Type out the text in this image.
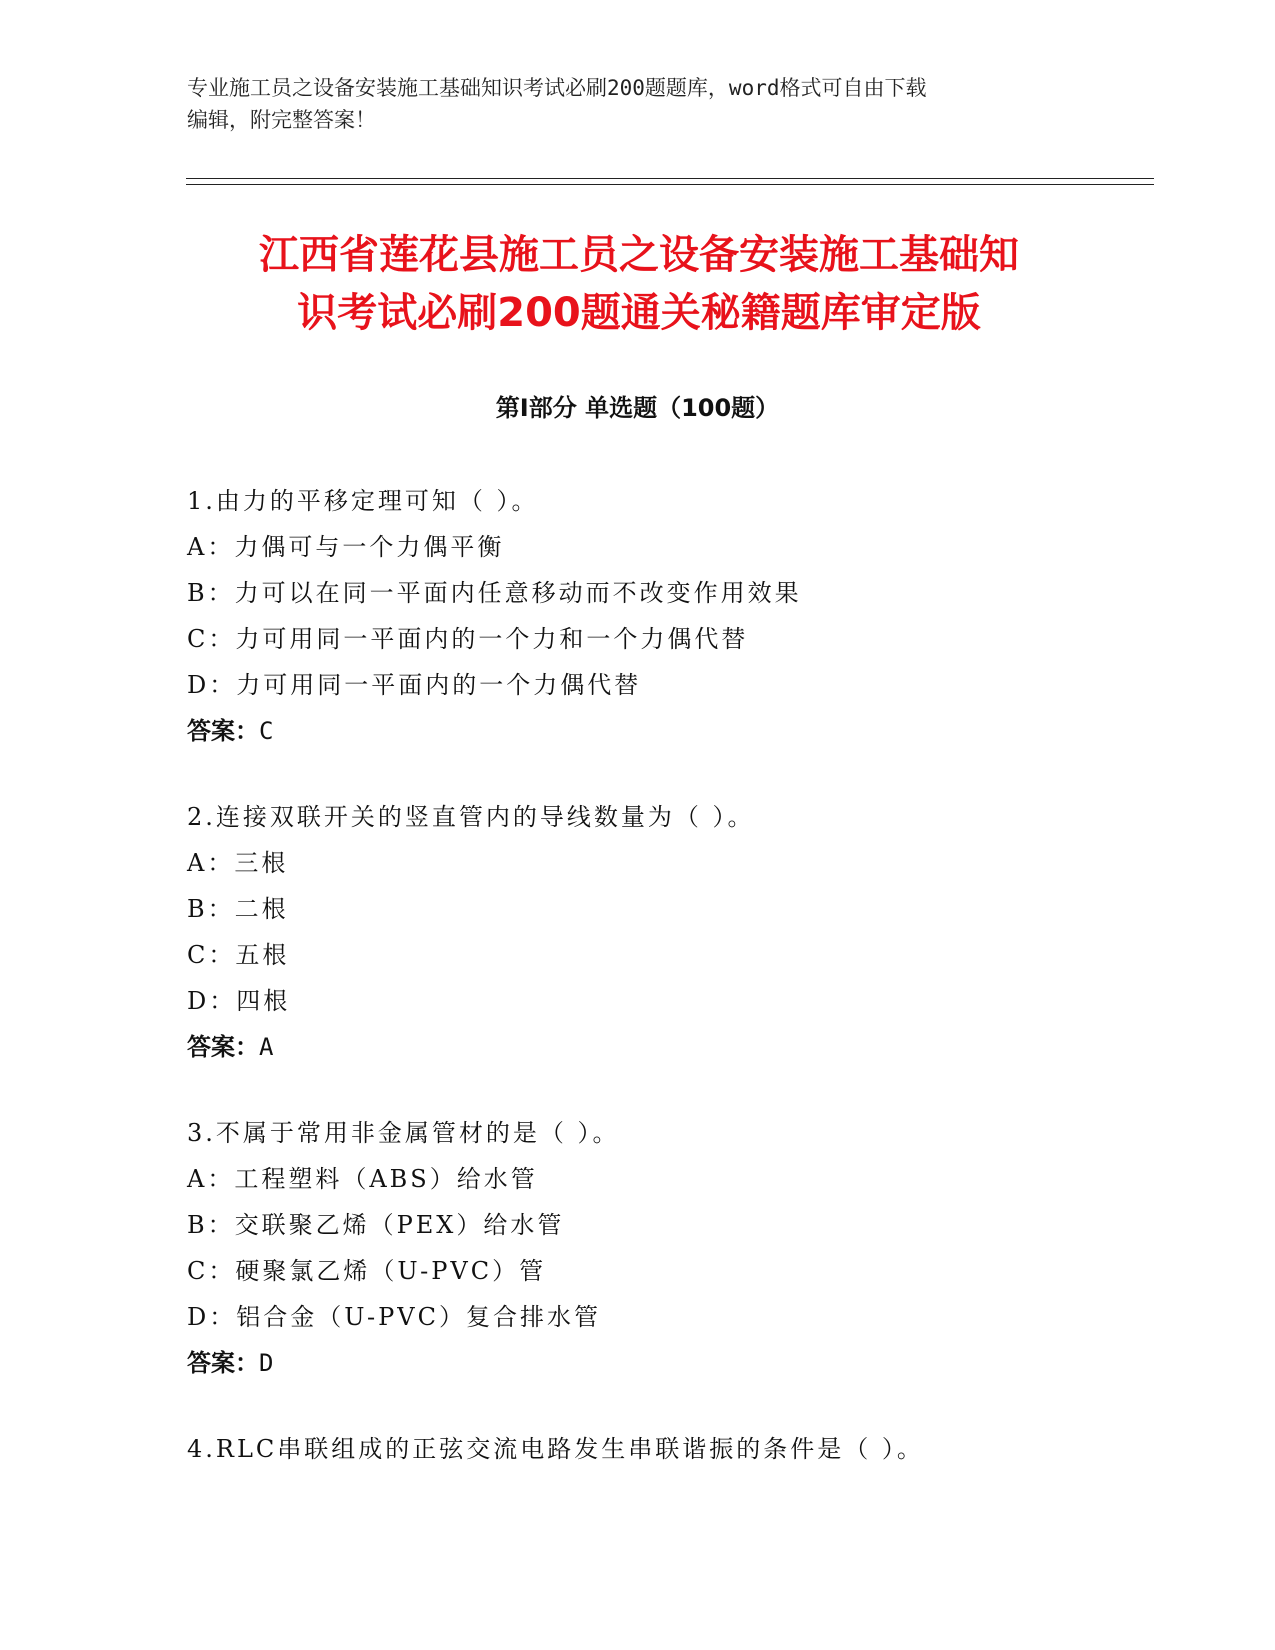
专业施工员之设备安装施工基础知识考试必刷200题题库，word格式可自由下载
编辑，附完整答案！
江西省莲花县施工员之设备安装施工基础知
识考试必刷200题通关秘籍题库审定版
第Ⅰ部分 单选题（100题）
1.由力的平移定理可知（ ）。
A：力偶可与一个力偶平衡
B：力可以在同一平面内任意移动而不改变作用效果
C：力可用同一平面内的一个力和一个力偶代替
D：力可用同一平面内的一个力偶代替
答案：C
2.连接双联开关的竖直管内的导线数量为（ ）。
A：三根
B：二根
C：五根
D：四根
答案：A
3.不属于常用非金属管材的是（ ）。
A：工程塑料（ABS）给水管
B：交联聚乙烯（PEX）给水管
C：硬聚氯乙烯（U-PVC）管
D：铝合金（U-PVC）复合排水管
答案：D
4.RLC串联组成的正弦交流电路发生串联谐振的条件是（ ）。
